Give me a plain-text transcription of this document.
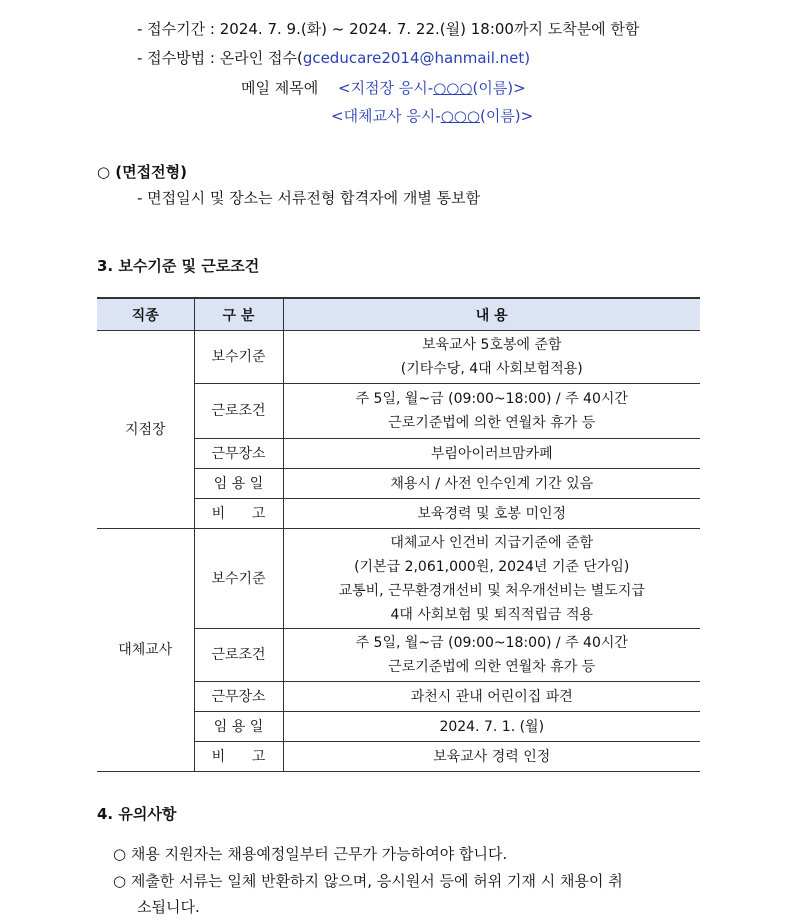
- 접수기간 : 2024. 7. 9.(화) ~ 2024. 7. 22.(월) 18:00까지 도착분에 한함
- 접수방법 : 온라인 접수(gceducare2014@hanmail.net)
메일 제목에 <지점장 응시-○○○(이름)>
<대체교사 응시-○○○(이름)>
○ (면접전형)
- 면접일시 및 장소는 서류전형 합격자에 개별 통보함
3. 보수기준 및 근로조건
직종	구 분	내 용
지점장	보수기준	보육교사 5호봉에 준함
(기타수당, 4대 사회보험적용)

	근로조건	주 5일, 월~금 (09:00~18:00) / 주 40시간
근로기준법에 의한 연월차 휴가 등

	근무장소	부림아이러브맘카페
	임 용 일	채용시 / 사전 인수인계 기간 있음
	비      고	보육경력 및 호봉 미인정
대체교사	보수기준	대체교사 인건비 지급기준에 준함
(기본급 2,061,000원, 2024년 기준 단가임)
교통비, 근무환경개선비 및 처우개선비는 별도지급
4대 사회보험 및 퇴직적립금 적용

	근로조건	주 5일, 월~금 (09:00~18:00) / 주 40시간
근로기준법에 의한 연월차 휴가 등

	근무장소	과천시 관내 어린이집 파견
	임 용 일	2024. 7. 1. (월)
	비      고	보육교사 경력 인정
4. 유의사항
○ 채용 지원자는 채용예정일부터 근무가 가능하여야 합니다.
○ 제출한 서류는 일체 반환하지 않으며, 응시원서 등에 허위 기재 시 채용이 취
소됩니다.
